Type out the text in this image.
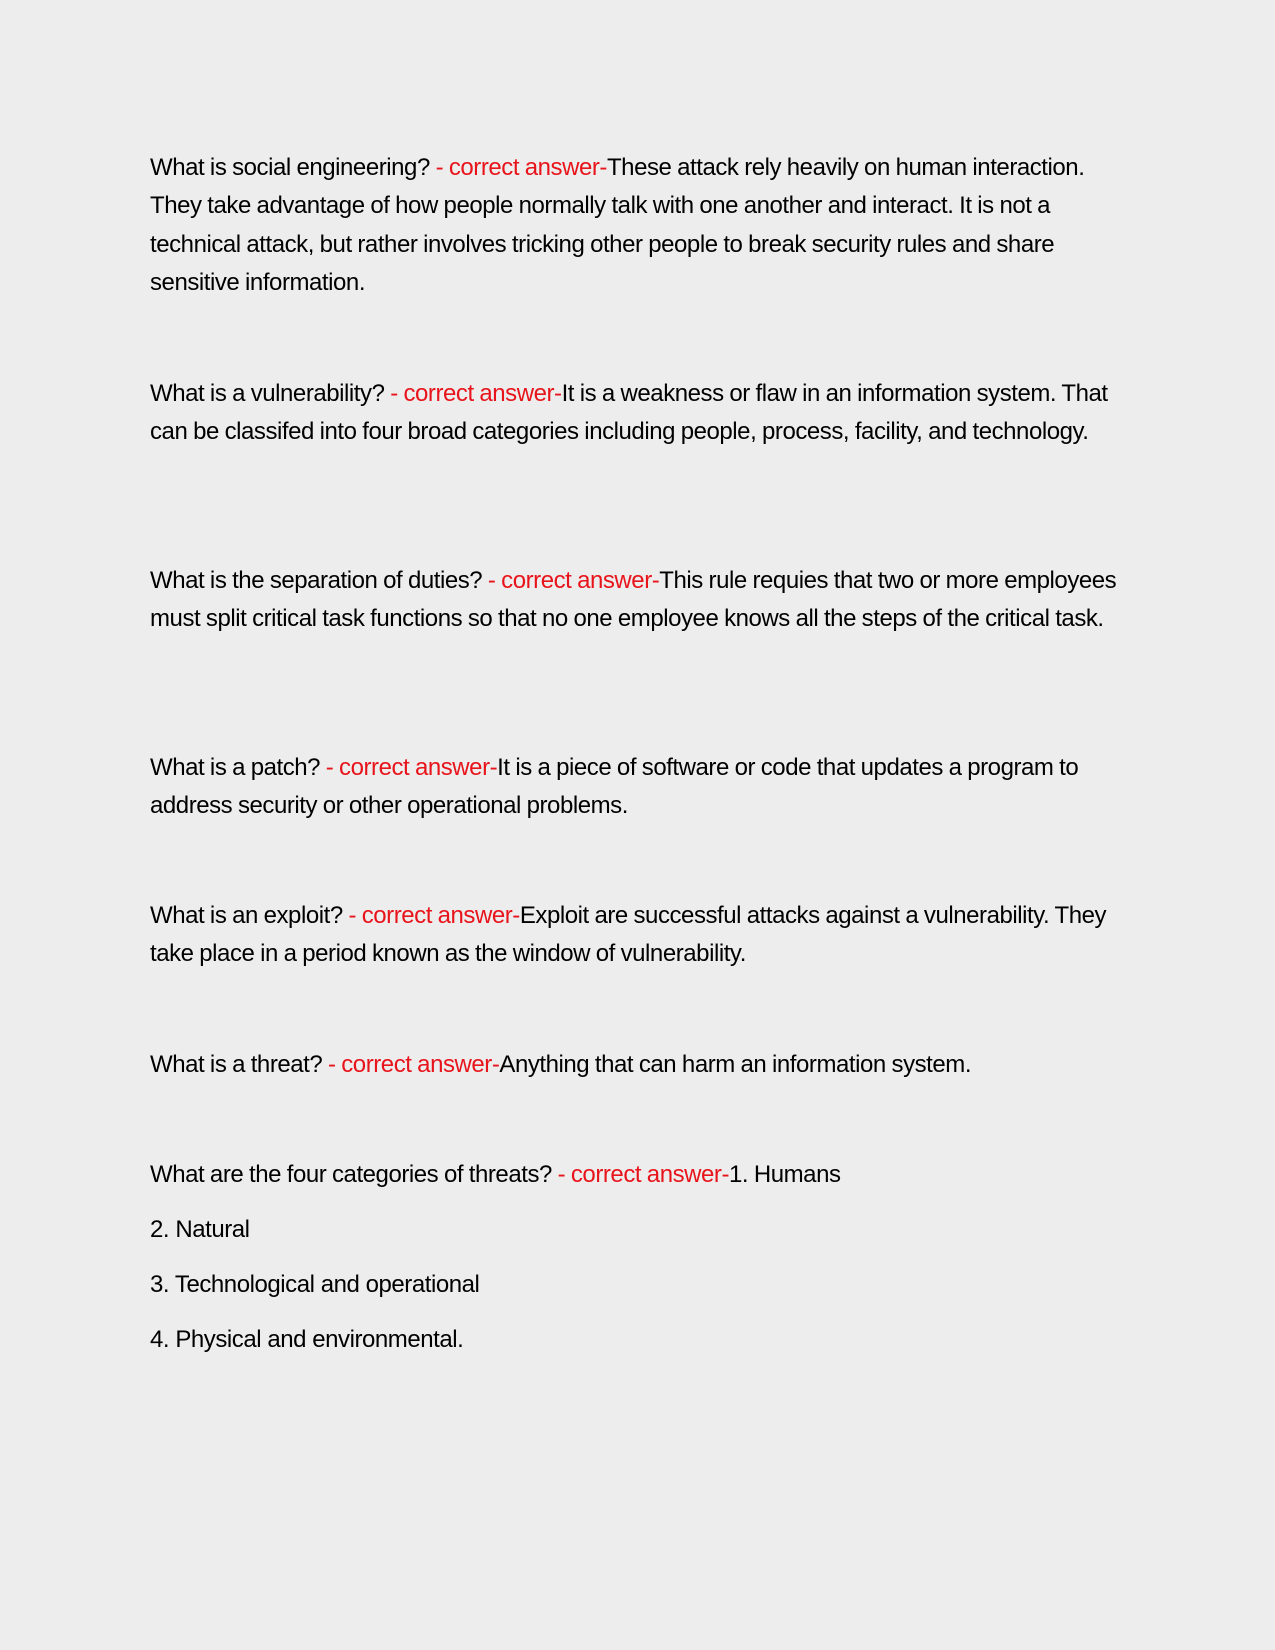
What is social engineering? - correct answer-These attack rely heavily on human interaction. They take advantage of how people normally talk with one another and interact. It is not a technical attack, but rather involves tricking other people to break security rules and share sensitive information.

What is a vulnerability? - correct answer-It is a weakness or flaw in an information system. That can be classifed into four broad categories including people, process, facility, and technology.

What is the separation of duties? - correct answer-This rule requies that two or more employees must split critical task functions so that no one employee knows all the steps of the critical task.

What is a patch? - correct answer-It is a piece of software or code that updates a program to address security or other operational problems.

What is an exploit? - correct answer-Exploit are successful attacks against a vulnerability. They take place in a period known as the window of vulnerability.

What is a threat? - correct answer-Anything that can harm an information system.

What are the four categories of threats? - correct answer-1. Humans

2. Natural
3. Technological and operational
4. Physical and environmental.
